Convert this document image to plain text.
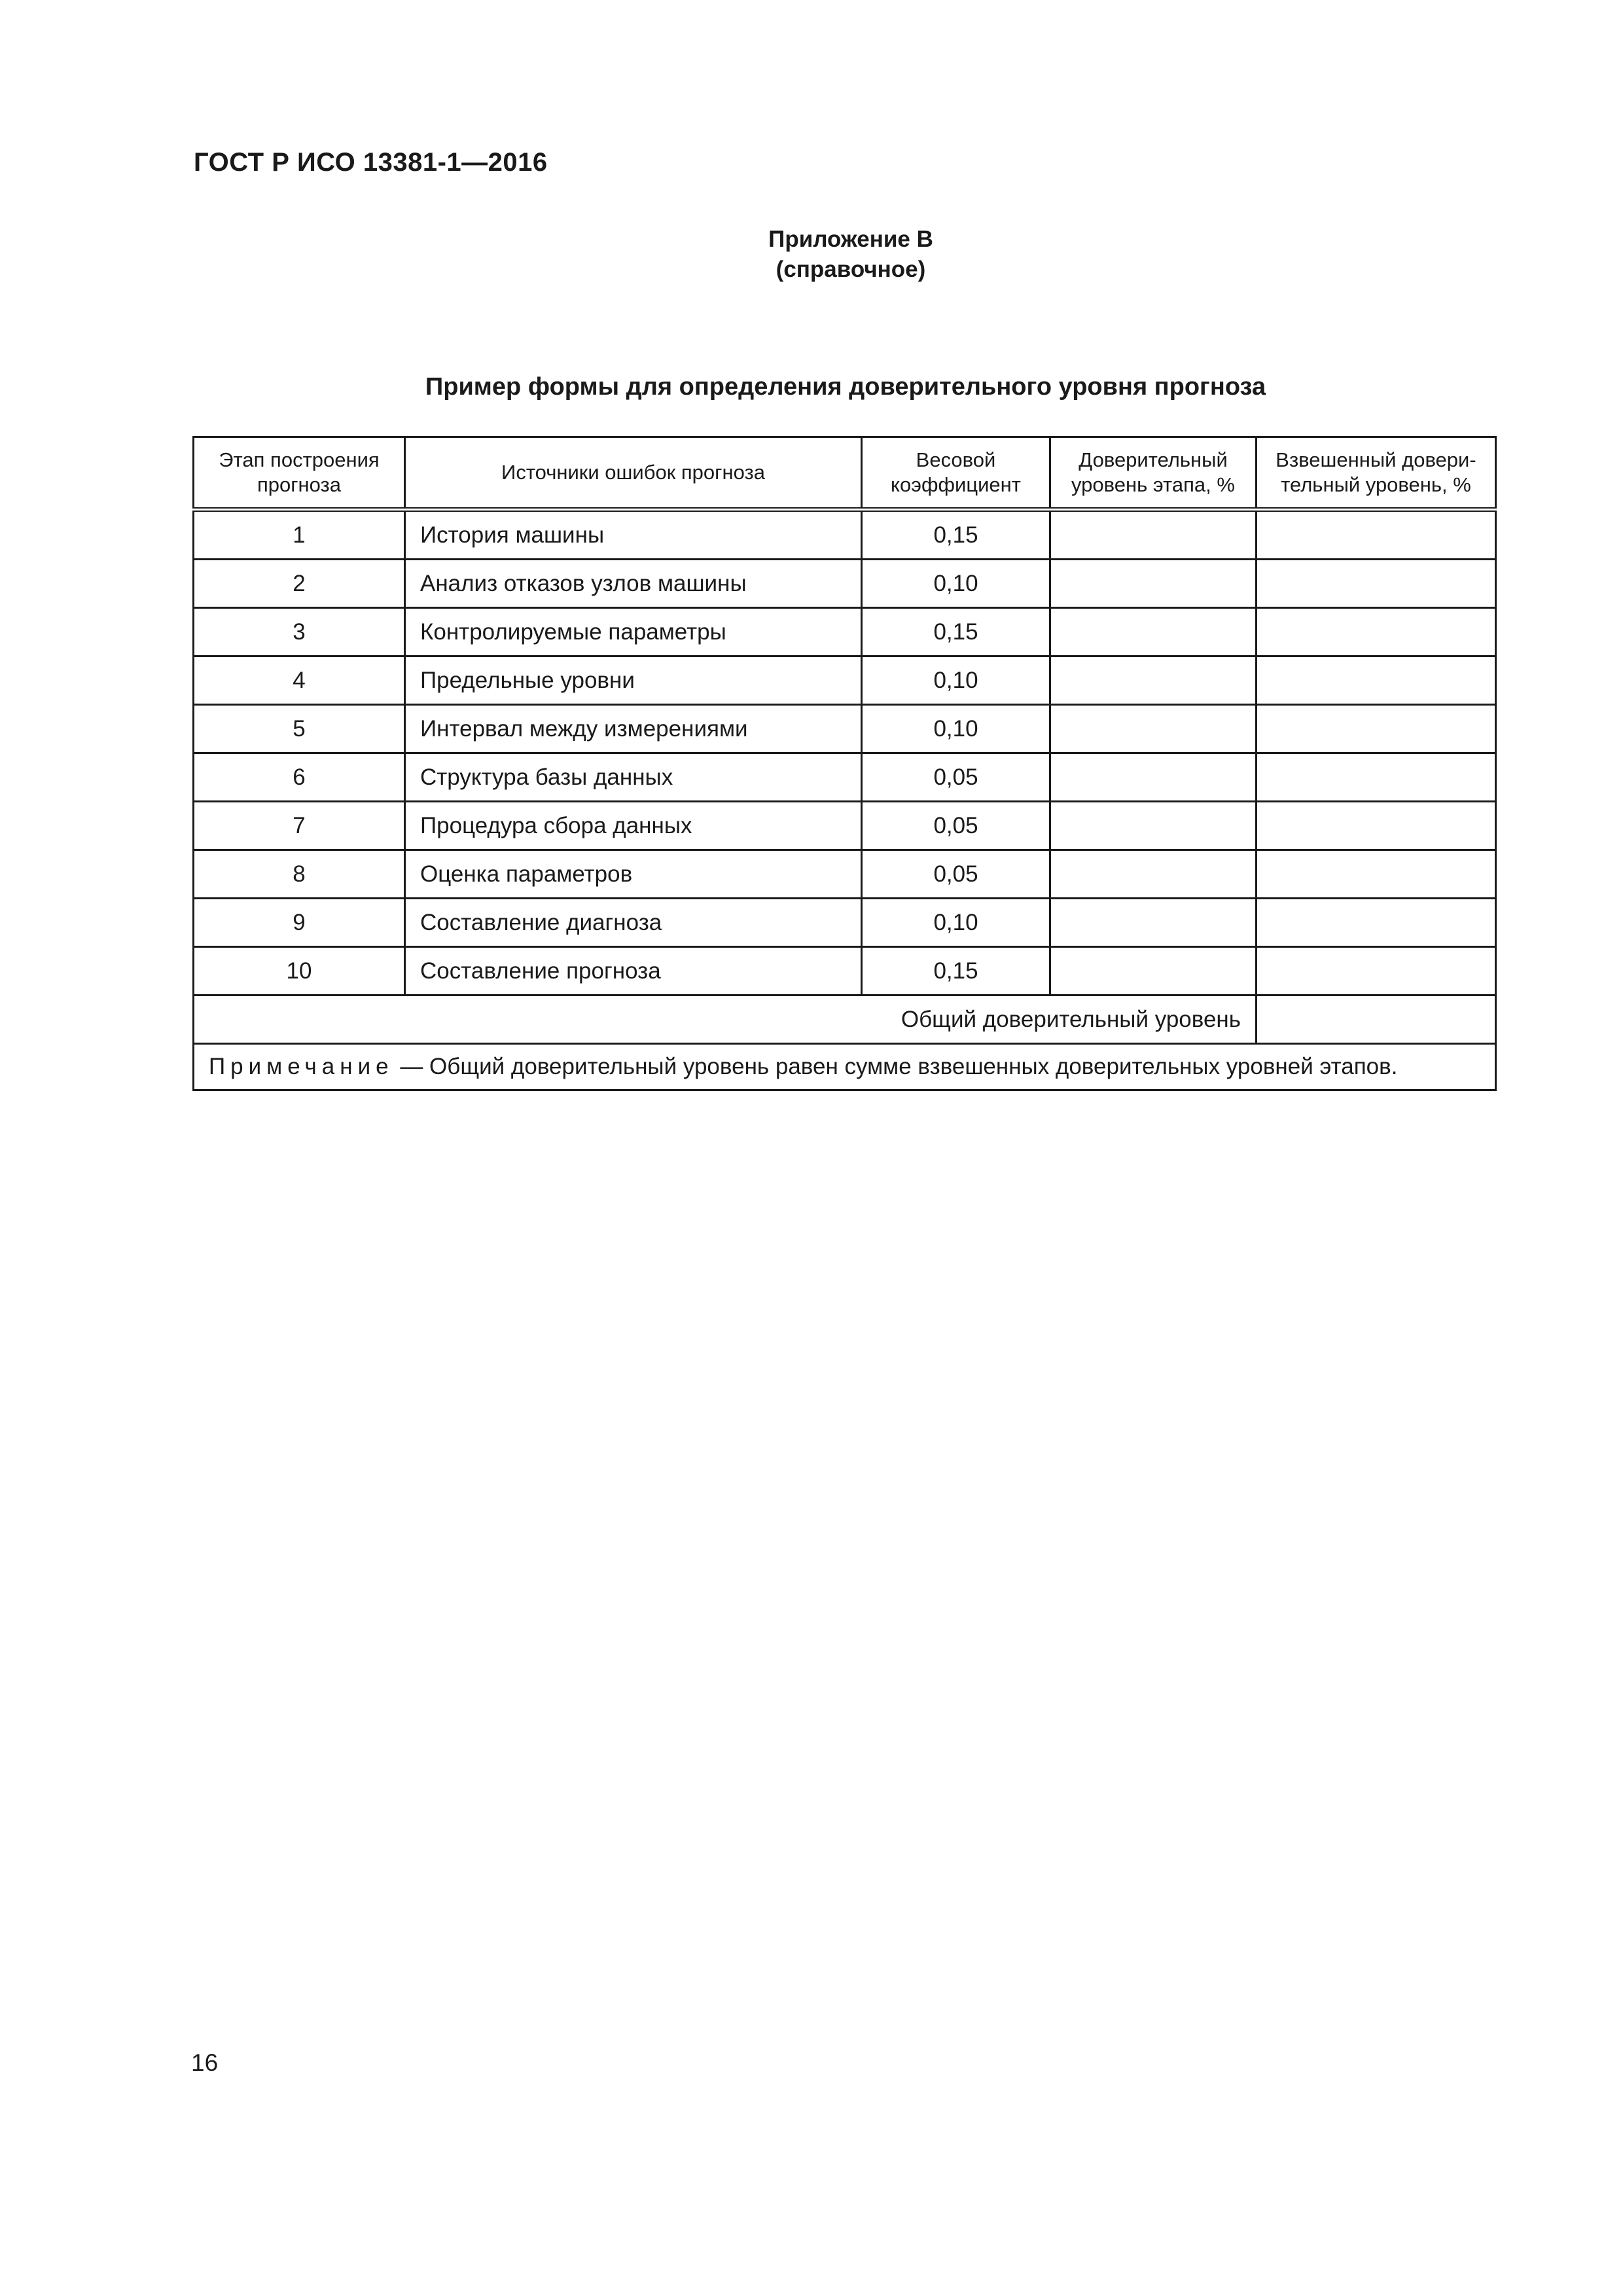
ГОСТ Р ИСО 13381-1—2016
Приложение В
(справочное)
Пример формы для определения доверительного уровня прогноза
Этап построения прогноза	Источники ошибок прогноза	Весовой коэффициент	Доверительный уровень этапа, %	Взвешенный довери-тельный уровень, %
1	История машины	0,15		
2	Анализ отказов узлов машины	0,10		
3	Контролируемые параметры	0,15		
4	Предельные уровни	0,10		
5	Интервал между измерениями	0,10		
6	Структура базы данных	0,05		
7	Процедура сбора данных	0,05		
8	Оценка параметров	0,05		
9	Составление диагноза	0,10		
10	Составление прогноза	0,15		
Общий доверительный уровень				
Примечание — Общий доверительный уровень равен сумме взвешенных доверительных уровней этапов.				
16
